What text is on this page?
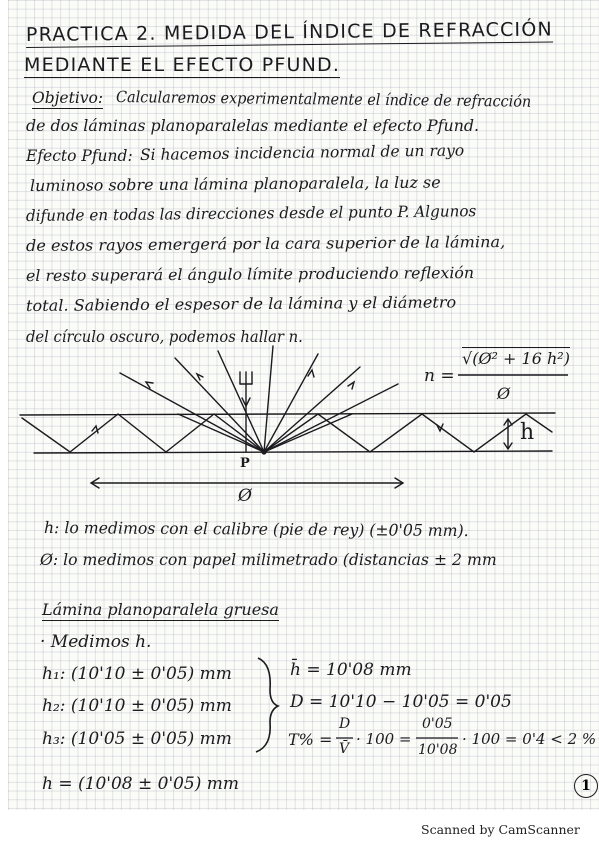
PRACTICA 2. MEDIDA DEL ÍNDICE DE REFRACCIÓN
MEDIANTE EL EFECTO PFUND.
Objetivo: Calcularemos experimentalmente el índice de refracción
de dos láminas planoparalelas mediante el efecto Pfund.
Efecto Pfund: Si hacemos incidencia normal de un rayo
luminoso sobre una lámina planoparalela, la luz se
difunde en todas las direcciones desde el punto P. Algunos
de estos rayos emergerá por la cara superior de la lámina,
el resto superará el ángulo límite produciendo reflexión
total. Sabiendo el espesor de la lámina y el diámetro
del círculo oscuro, podemos hallar n.
n =
√(Ø² + 16 h²)
Ø
P
Ø
h
h: lo medimos con el calibre (pie de rey) (±0'05 mm).
Ø: lo medimos con papel milimetrado (distancias ± 2 mm
Lámina planoparalela gruesa
· Medimos h.
h₁: (10'10 ± 0'05) mm
h₂: (10'10 ± 0'05) mm
h₃: (10'05 ± 0'05) mm
h̄ = 10'08 mm
D = 10'10 − 10'05 = 0'05
T% =
D
V̄
· 100 =
0'05
10'08
· 100 = 0'4 < 2 %
h = (10'08 ± 0'05) mm	1
Scanned by CamScanner
